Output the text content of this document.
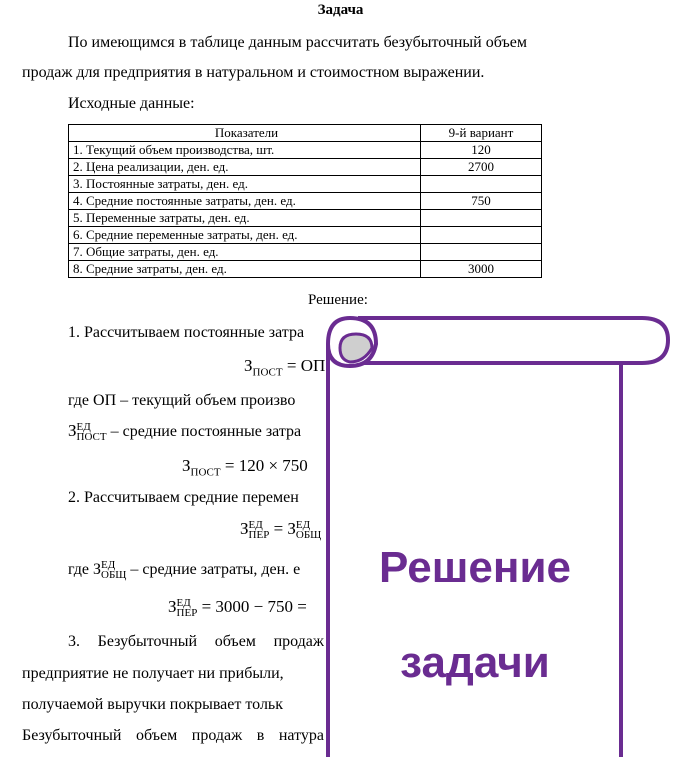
Задача
По имеющимся в таблице данным рассчитать безубыточный объем
продаж для предприятия в натуральном и стоимостном выражении.
Исходные данные:
Показатели	9-й вариант
1. Текущий объем производства, шт.	120
2. Цена реализации, ден. ед.	2700
3. Постоянные затраты, ден. ед.	
4. Средние постоянные затраты, ден. ед.	750
5. Переменные затраты, ден. ед.	
6. Средние переменные затраты, ден. ед.	
7. Общие затраты, ден. ед.	
8. Средние затраты, ден. ед.	3000
Решение:
1. Рассчитываем постоянные затра
$З_{ПОСТ}$ = ОП
где ОП – текущий объем произво
З ЕД
ПОСТ – средние постоянные затра
$З_{ПОСТ} = 120 \times 750$
2. Рассчитываем средние перемен
З ЕД
ПЕР = З ЕД
ОБЩ
где З ЕД
ОБЩ – средние затраты, ден. е
З ЕД
ПЕР = 3000 − 750 =
3. Безубыточный объем продаж
предприятие не получает ни прибыли,
получаемой выручки покрывает тольк
Безубыточный объем продаж в натура
Решение
задачи
